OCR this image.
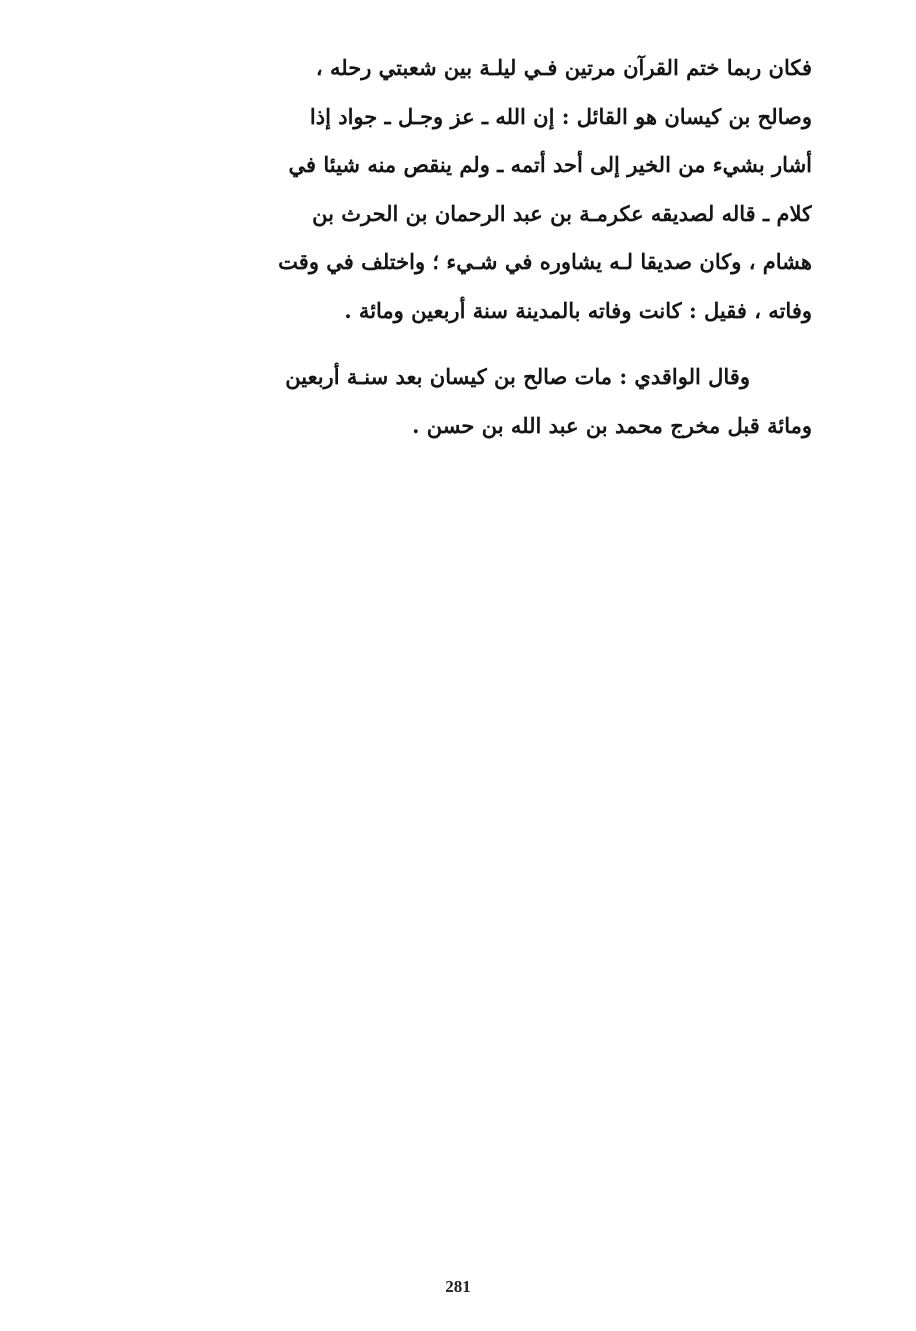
فكان ربما ختم القرآن مرتين فـي ليلـة بين شعبتي رحله ،
وصالح بن كيسان هو القائل : إن الله ـ عز وجـل ـ جواد إذا
أشار بشيء من الخير إلى أحد أتمه ـ ولم ينقص منه شيئا في
كلام ـ قاله لصديقه عكرمـة بن عبد الرحمان بن الحرث بن
هشام ، وكان صديقا لـه يشاوره في شـيء ؛ واختلف في وقت
وفاته ، فقيل : كانت وفاته بالمدينة سنة أربعين ومائة .
وقال الواقدي : مات صالح بن كيسان بعد سنـة أربعين
ومائة قبل مخرج محمد بن عبد الله بن حسن .
281
